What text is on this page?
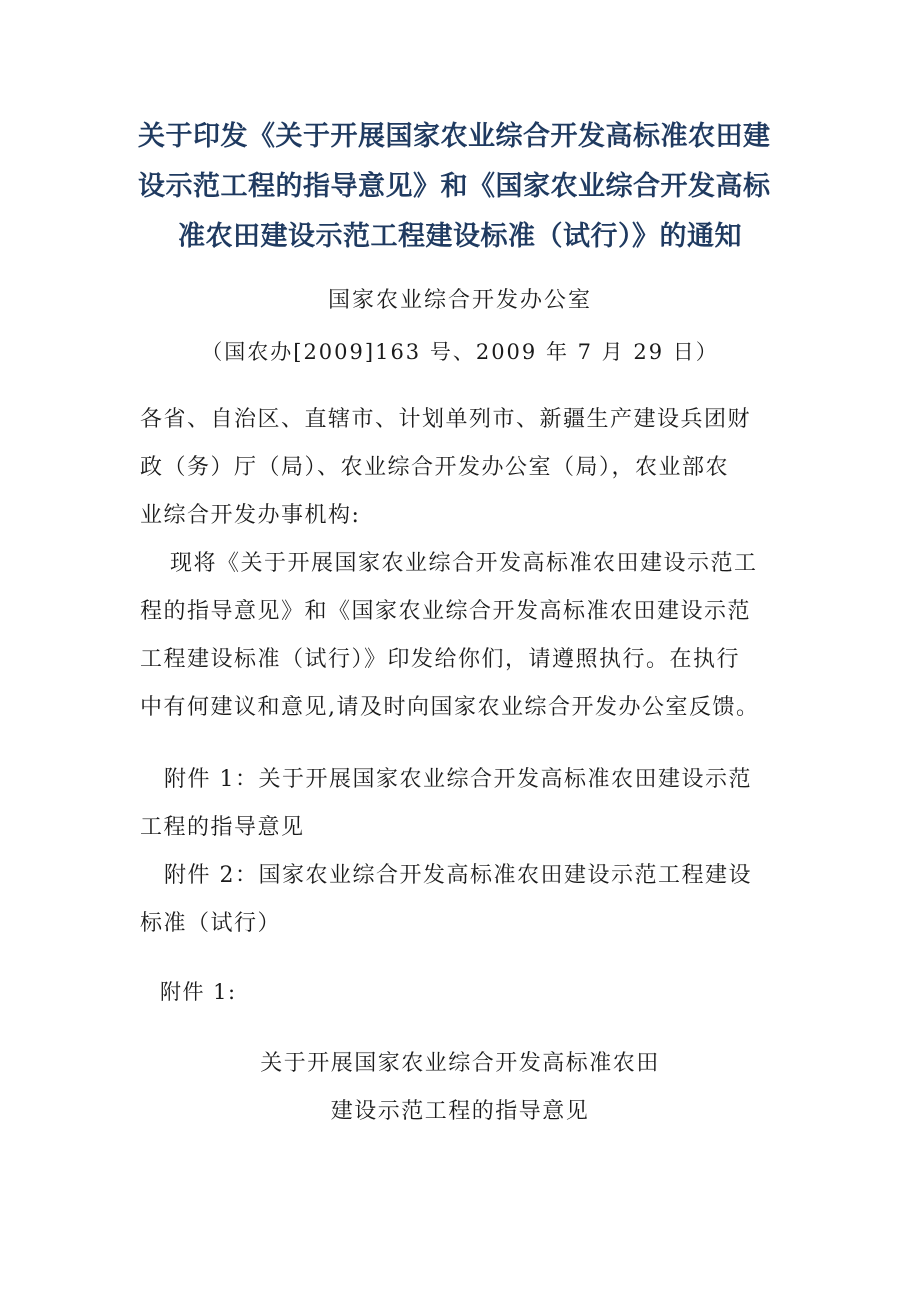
关于印发《关于开展国家农业综合开发高标准农田建
设示范工程的指导意见》和《国家农业综合开发高标
准农田建设示范工程建设标准（试行）》的通知
国家农业综合开发办公室
（国农办[2009]163 号、2009 年 7 月 29 日）
各省、自治区、直辖市、计划单列市、新疆生产建设兵团财
政（务）厅（局）、农业综合开发办公室（局），农业部农
业综合开发办事机构:
现将《关于开展国家农业综合开发高标准农田建设示范工
程的指导意见》和《国家农业综合开发高标准农田建设示范
工程建设标准（试行）》印发给你们，请遵照执行。在执行
中有何建议和意见,请及时向国家农业综合开发办公室反馈。
附件 1：关于开展国家农业综合开发高标准农田建设示范
工程的指导意见
附件 2：国家农业综合开发高标准农田建设示范工程建设
标准（试行）
附件 1:
关于开展国家农业综合开发高标准农田
建设示范工程的指导意见
